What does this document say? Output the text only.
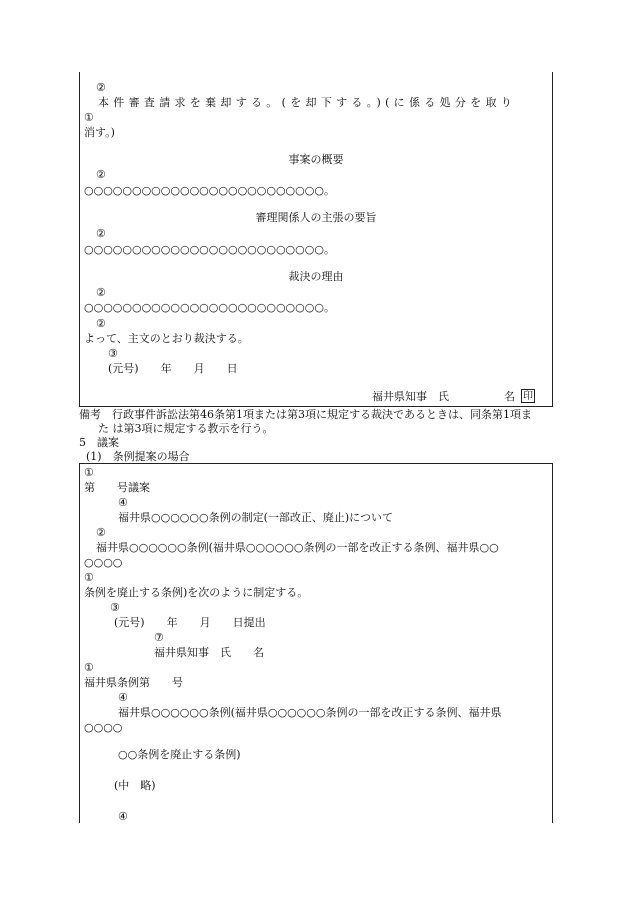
②
本件審査請求を棄却する。(を却下する。)(に係る処分を取り
①
消す。)
事案の概要
②
○○○○○○○○○○○○○○○○○○○○○○○○○。
審理関係人の主張の要旨
②
○○○○○○○○○○○○○○○○○○○○○○○○○。
裁決の理由
②
○○○○○○○○○○○○○○○○○○○○○○○○○。
②
よって、主文のとおり裁決する。
③
(元号)　　年　　月　　日
福井県知事　氏　　　　　名 印
備考　行政事件訴訟法第46条第1項または第3項に規定する裁決であるときは、同条第1項ま
た は第3項に規定する教示を行う。
5　議案
(1)　条例提案の場合
①
第　　号議案
④
福井県○○○○○○条例の制定(一部改正、廃止)について
②
福井県○○○○○○条例(福井県○○○○○○条例の一部を改正する条例、福井県○○
○○○○
①
条例を廃止する条例)を次のように制定する。
③
(元号)　　年　　月　　日提出
⑦
福井県知事　氏　　名
①
福井県条例第　　号
④
福井県○○○○○○条例(福井県○○○○○○条例の一部を改正する条例、福井県
○○○○
○○条例を廃止する条例)
(中　略)
④
